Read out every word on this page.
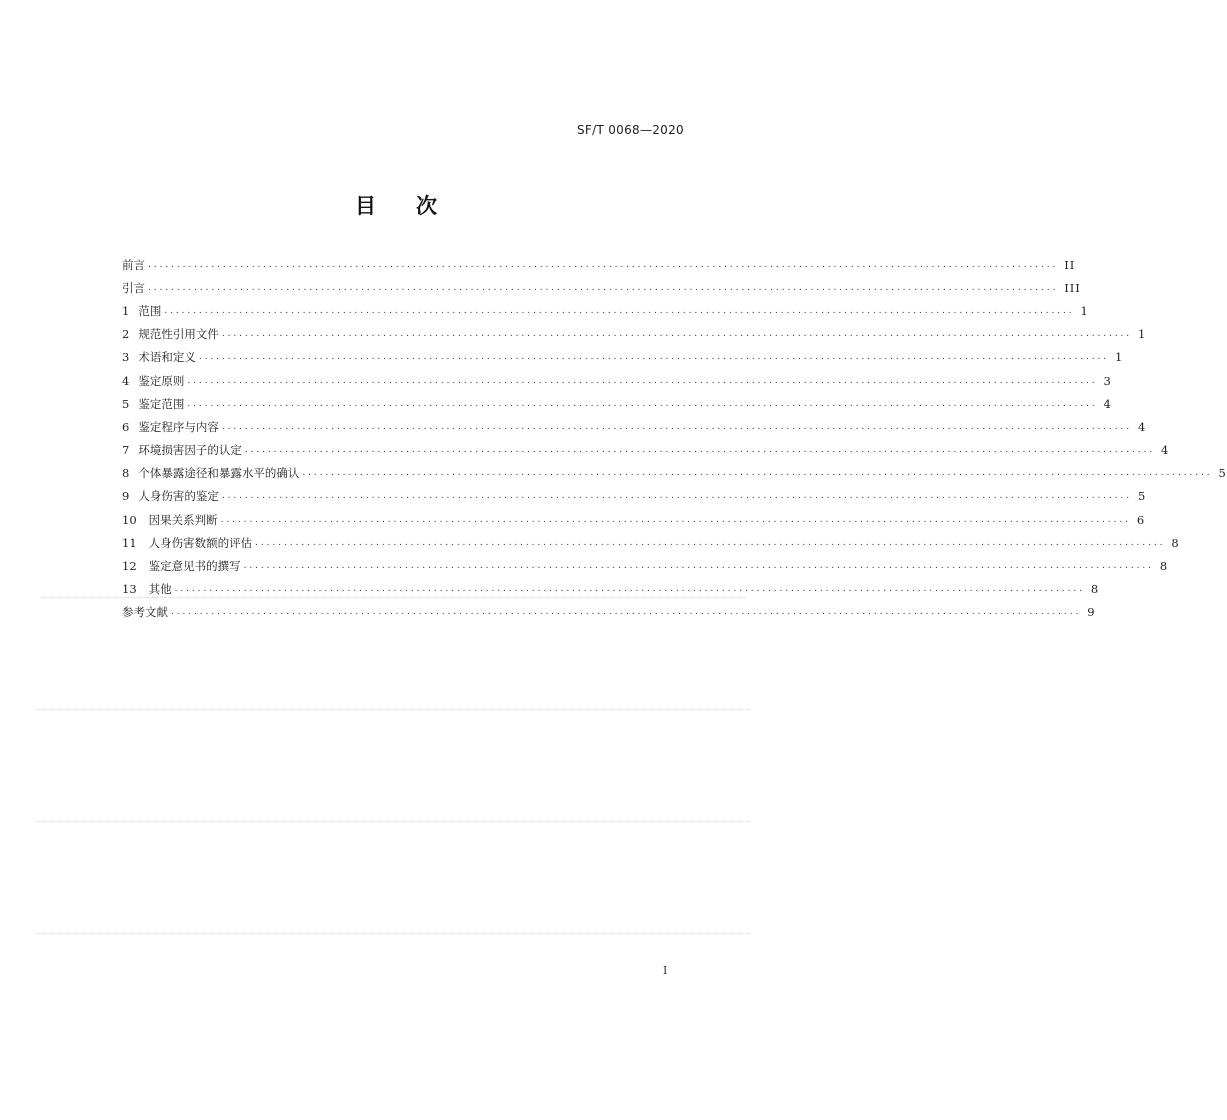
SF/T 0068—2020
目 次
前言 .............................................................................................................................................................. II
引言 .............................................................................................................................................................. III
1 范围 .............................................................................................................................................................. 1
2 规范性引用文件 .............................................................................................................................................................. 1
3 术语和定义 .............................................................................................................................................................. 1
4 鉴定原则 .............................................................................................................................................................. 3
5 鉴定范围 .............................................................................................................................................................. 4
6 鉴定程序与内容 .............................................................................................................................................................. 4
7 环境损害因子的认定 .............................................................................................................................................................. 4
8 个体暴露途径和暴露水平的确认 .............................................................................................................................................................. 5
9 人身伤害的鉴定 .............................................................................................................................................................. 5
10 因果关系判断 .............................................................................................................................................................. 6
11 人身伤害数额的评估 .............................................................................................................................................................. 8
12 鉴定意见书的撰写 .............................................................................................................................................................. 8
13 其他 .............................................................................................................................................................. 8
参考文献 .............................................................................................................................................................. 9
I
